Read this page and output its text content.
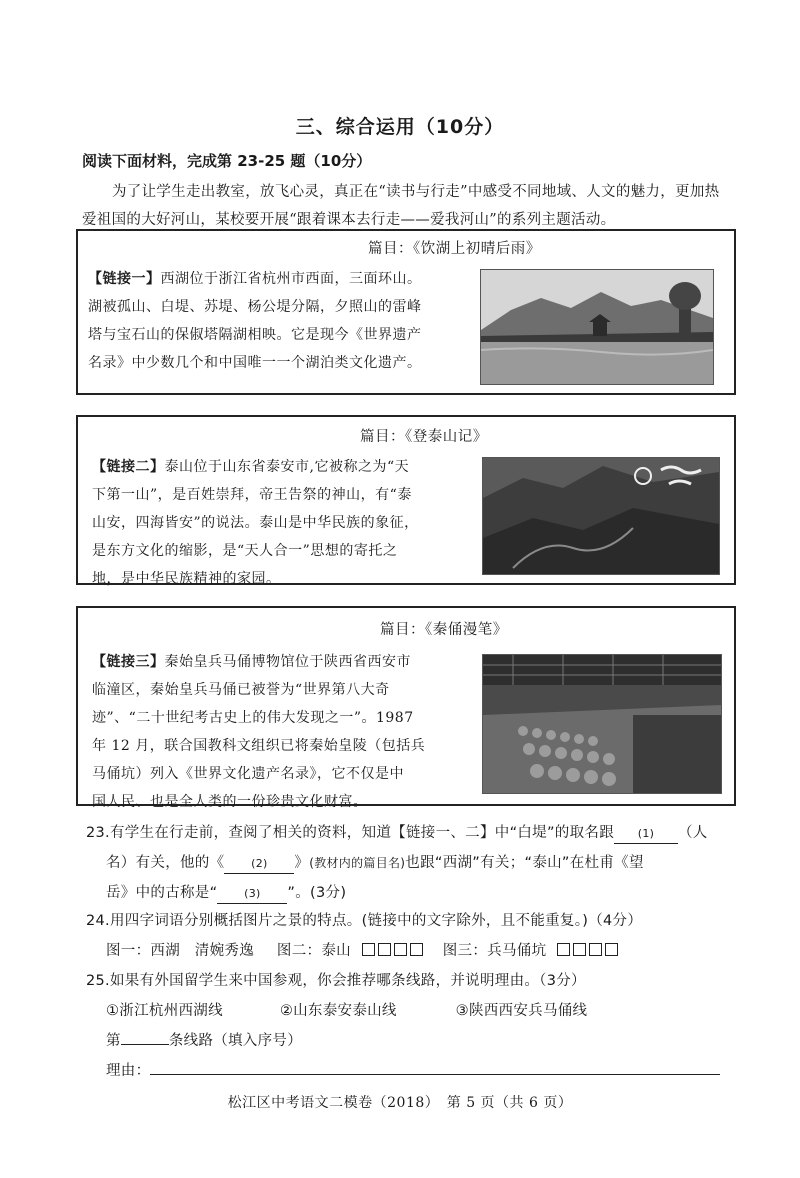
三、综合运用（10分）
阅读下面材料，完成第 23-25 题（10分）
为了让学生走出教室，放飞心灵，真正在“读书与行走”中感受不同地域、人文的魅力，更加热爱祖国的大好河山，某校要开展“跟着课本去行走——爱我河山”的系列主题活动。
篇目：《饮湖上初晴后雨》
【链接一】西湖位于浙江省杭州市西面，三面环山。
湖被孤山、白堤、苏堤、杨公堤分隔，夕照山的雷峰
塔与宝石山的保俶塔隔湖相映。它是现今《世界遗产
名录》中少数几个和中国唯一一个湖泊类文化遗产。
篇目：《登泰山记》
【链接二】泰山位于山东省泰安市,它被称之为“天
下第一山”，是百姓崇拜，帝王告祭的神山，有“泰
山安，四海皆安”的说法。泰山是中华民族的象征，
是东方文化的缩影，是“天人合一”思想的寄托之
地，是中华民族精神的家园。
篇目：《秦俑漫笔》
【链接三】秦始皇兵马俑博物馆位于陕西省西安市
临潼区，秦始皇兵马俑已被誉为“世界第八大奇
迹”、“二十世纪考古史上的伟大发现之一”。1987
年 12 月，联合国教科文组织已将秦始皇陵（包括兵
马俑坑）列入《世界文化遗产名录》，它不仅是中
国人民、也是全人类的一份珍贵文化财富。
23.有学生在行走前，查阅了相关的资料，知道【链接一、二】中“白堤”的取名跟 (1) （人
名）有关，他的《 (2) 》(教材内的篇目名)也跟“西湖”有关；“泰山”在杜甫《望
岳》中的古称是“ (3) ”。(3分)
24.用四字词语分别概括图片之景的特点。(链接中的文字除外，且不能重复。)（4分）
图一：西湖　清婉秀逸 图二：泰山	图三：兵马俑坑
25.如果有外国留学生来中国参观，你会推荐哪条线路，并说明理由。（3分）
①浙江杭州西湖线	②山东泰安泰山线	③陕西西安兵马俑线
第	条线路（填入序号）
理由：
松江区中考语文二模卷（2018）　第 5 页（共 6 页）
